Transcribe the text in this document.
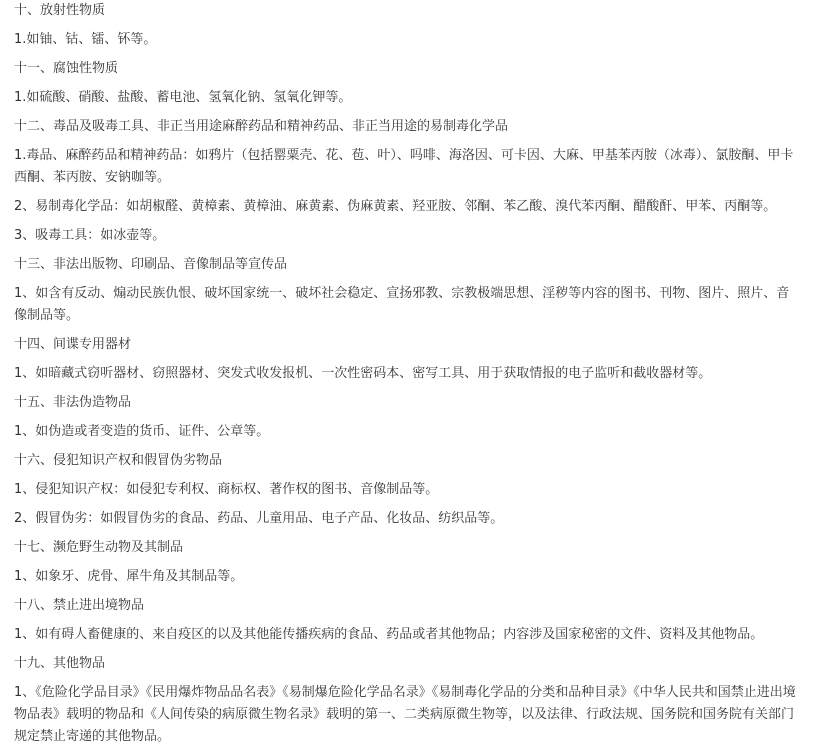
十、放射性物质

1.如铀、钴、镭、钚等。

十一、腐蚀性物质

1.如硫酸、硝酸、盐酸、蓄电池、氢氧化钠、氢氧化钾等。

十二、毒品及吸毒工具、非正当用途麻醉药品和精神药品、非正当用途的易制毒化学品

1.毒品、麻醉药品和精神药品：如鸦片（包括罂粟壳、花、苞、叶）、吗啡、海洛因、可卡因、大麻、甲基苯丙胺（冰毒）、氯胺酮、甲卡西酮、苯丙胺、安钠咖等。

2、易制毒化学品：如胡椒醛、黄樟素、黄樟油、麻黄素、伪麻黄素、羟亚胺、邻酮、苯乙酸、溴代苯丙酮、醋酸酐、甲苯、丙酮等。

3、吸毒工具：如冰壶等。

十三、非法出版物、印刷品、音像制品等宣传品

1、如含有反动、煽动民族仇恨、破坏国家统一、破坏社会稳定、宣扬邪教、宗教极端思想、淫秽等内容的图书、刊物、图片、照片、音像制品等。

十四、间谍专用器材

1、如暗藏式窃听器材、窃照器材、突发式收发报机、一次性密码本、密写工具、用于获取情报的电子监听和截收器材等。

十五、非法伪造物品

1、如伪造或者变造的货币、证件、公章等。

十六、侵犯知识产权和假冒伪劣物品

1、侵犯知识产权：如侵犯专利权、商标权、著作权的图书、音像制品等。

2、假冒伪劣：如假冒伪劣的食品、药品、儿童用品、电子产品、化妆品、纺织品等。

十七、濒危野生动物及其制品

1、如象牙、虎骨、犀牛角及其制品等。

十八、禁止进出境物品

1、如有碍人畜健康的、来自疫区的以及其他能传播疾病的食品、药品或者其他物品；内容涉及国家秘密的文件、资料及其他物品。

十九、其他物品

1、《危险化学品目录》《民用爆炸物品品名表》《易制爆危险化学品名录》《易制毒化学品的分类和品种目录》《中华人民共和国禁止进出境物品表》载明的物品和《人间传染的病原微生物名录》载明的第一、二类病原微生物等，以及法律、行政法规、国务院和国务院有关部门规定禁止寄递的其他物品。
